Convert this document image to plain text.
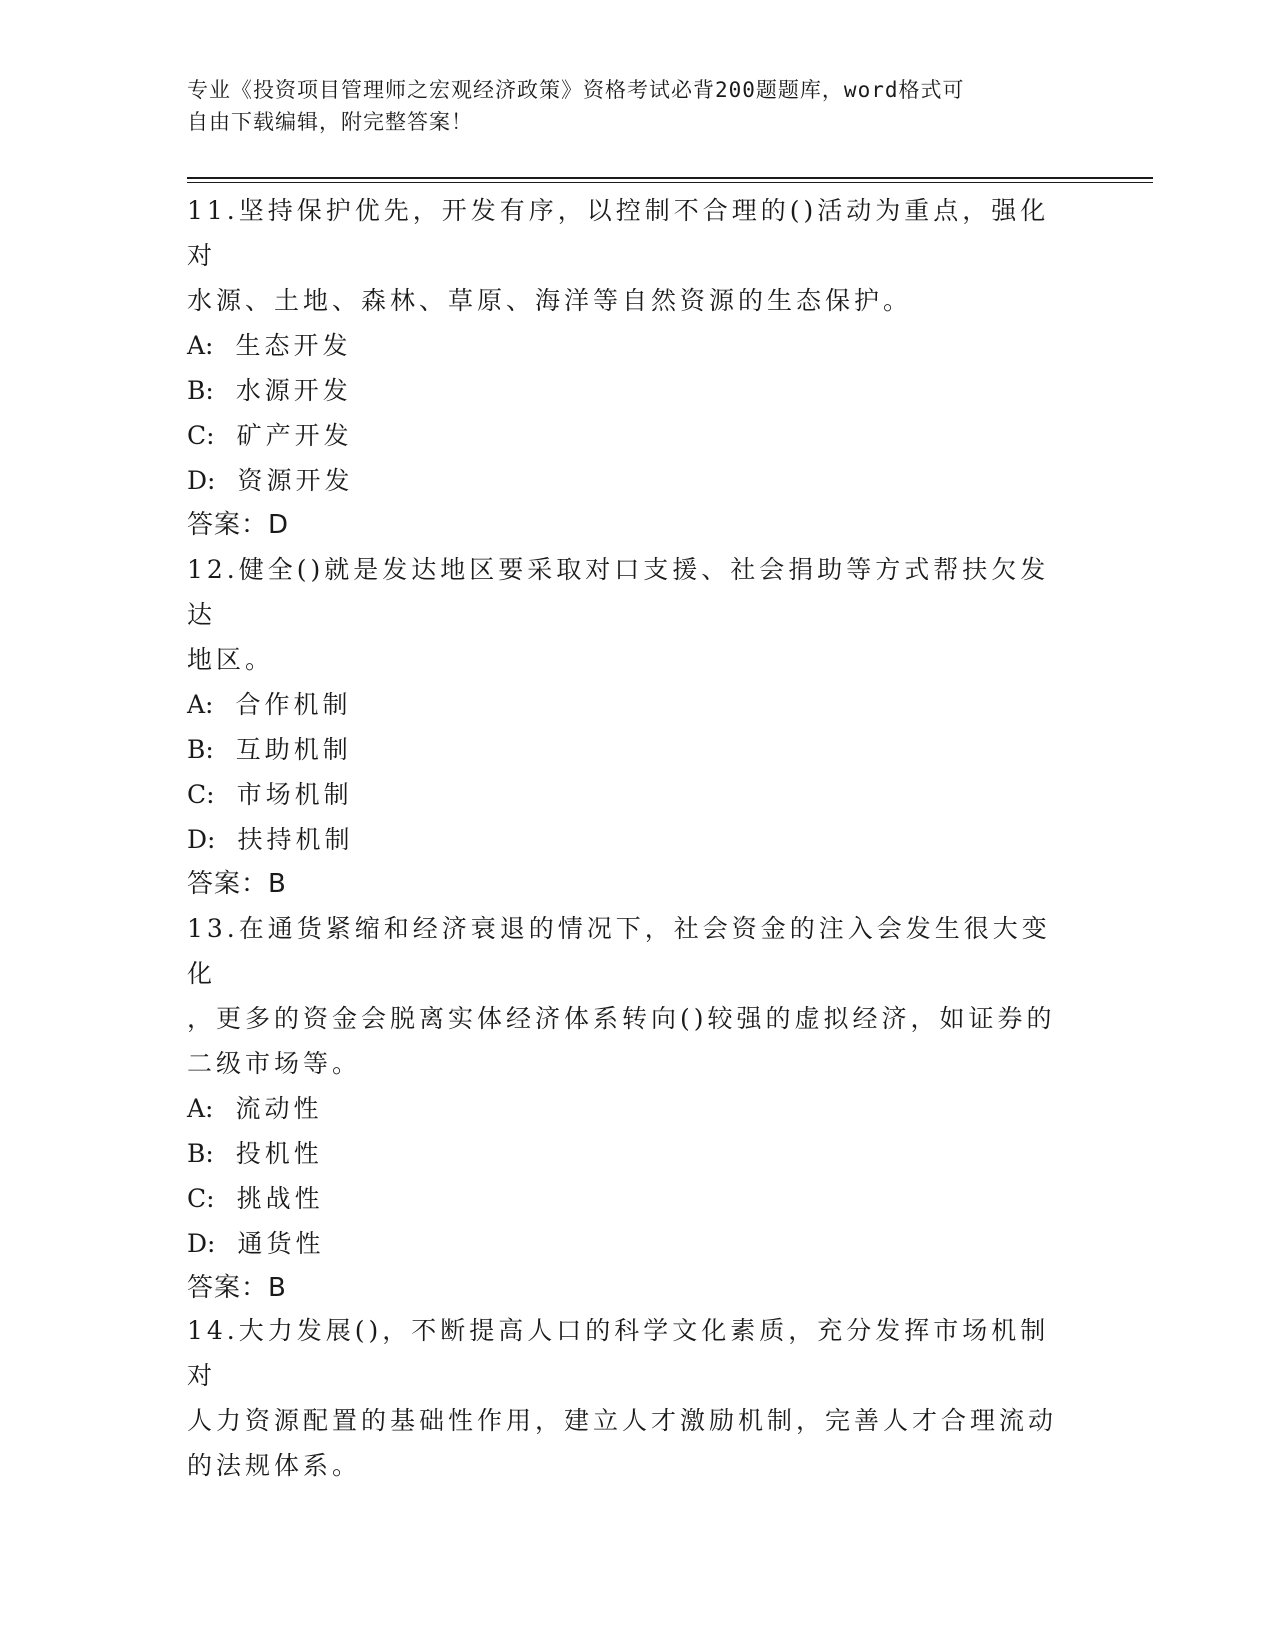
专业《投资项目管理师之宏观经济政策》资格考试必背200题题库，word格式可
自由下载编辑，附完整答案！
11.坚持保护优先，开发有序，以控制不合理的()活动为重点，强化对
水源、土地、森林、草原、海洋等自然资源的生态保护。
A: 生态开发
B: 水源开发
C: 矿产开发
D: 资源开发
答案：D
12.健全()就是发达地区要采取对口支援、社会捐助等方式帮扶欠发达
地区。
A: 合作机制
B: 互助机制
C: 市场机制
D: 扶持机制
答案：B
13.在通货紧缩和经济衰退的情况下，社会资金的注入会发生很大变化
，更多的资金会脱离实体经济体系转向()较强的虚拟经济，如证券的
二级市场等。
A: 流动性
B: 投机性
C: 挑战性
D: 通货性
答案：B
14.大力发展()，不断提高人口的科学文化素质，充分发挥市场机制对
人力资源配置的基础性作用，建立人才激励机制，完善人才合理流动
的法规体系。
